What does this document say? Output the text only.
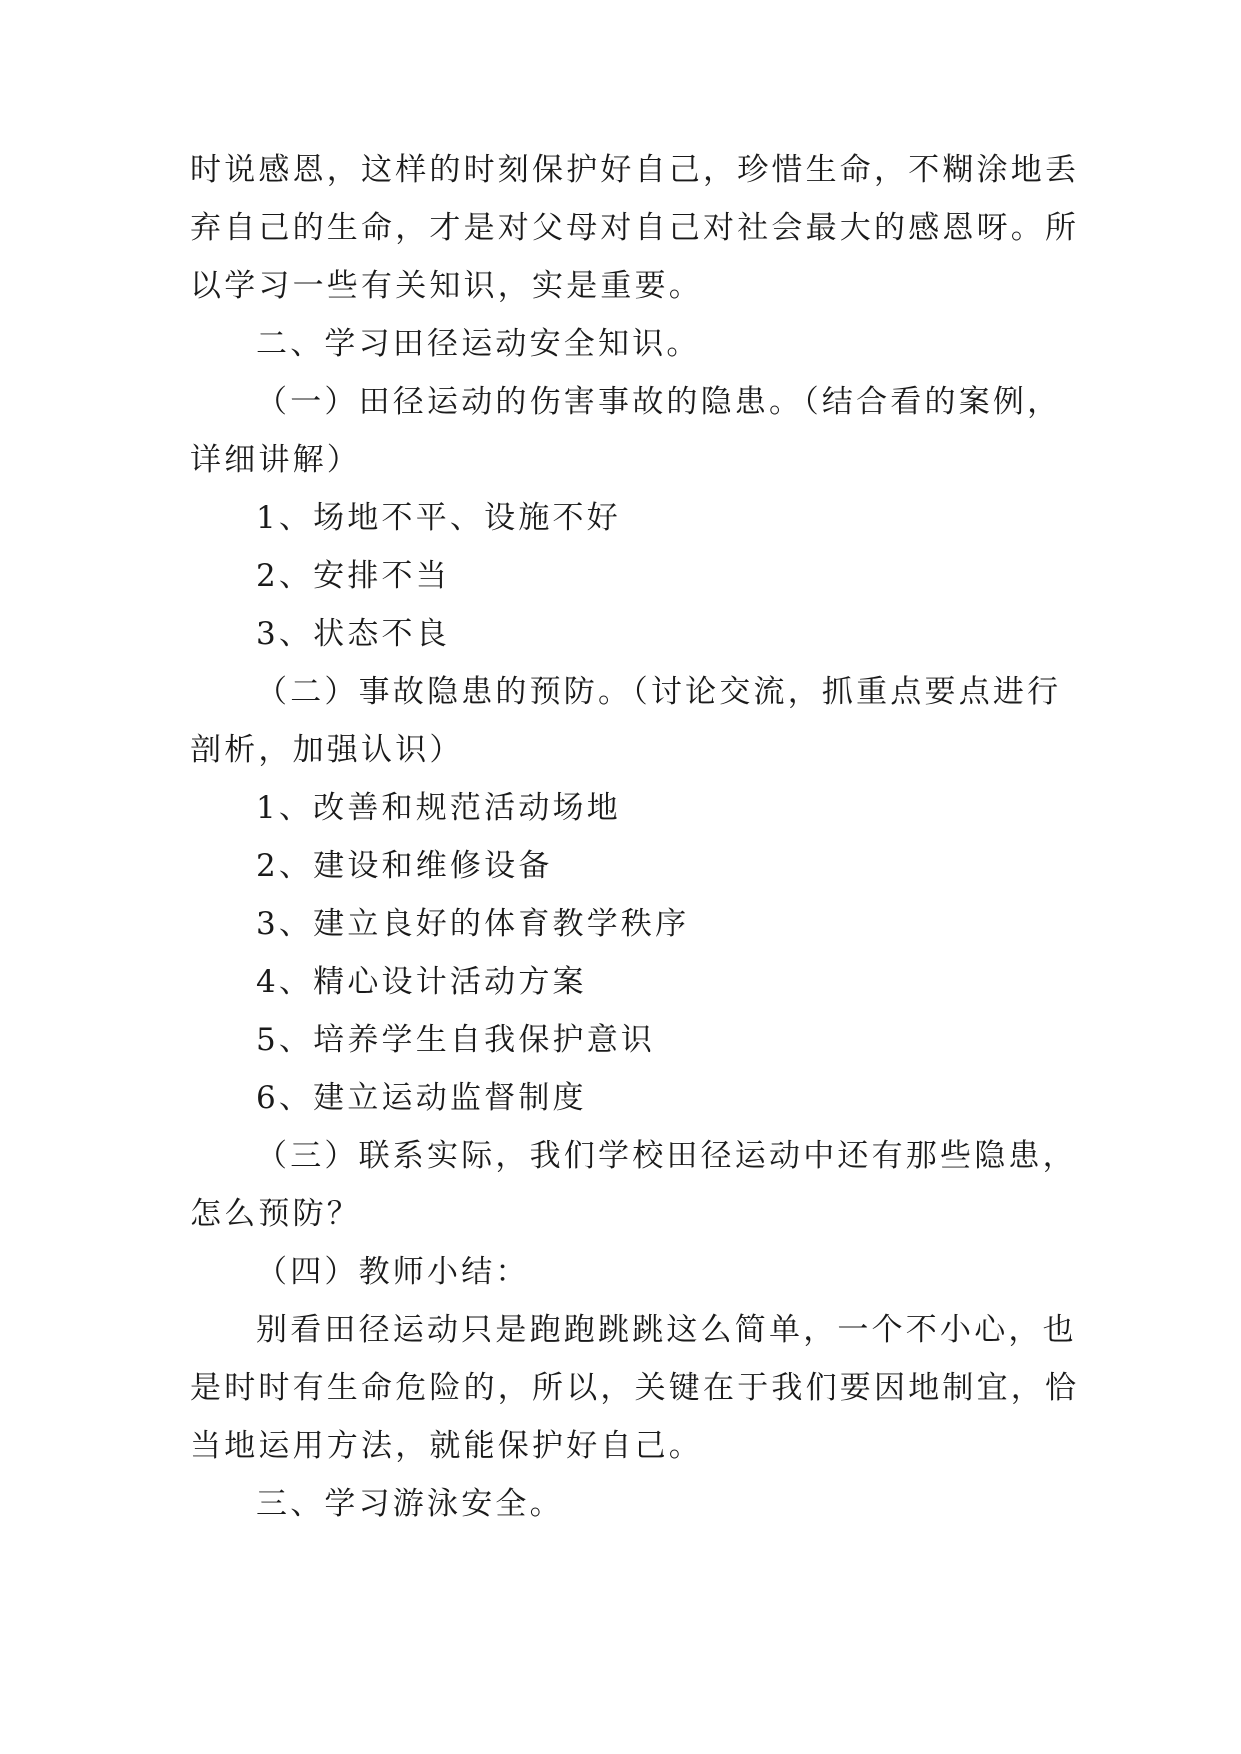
时说感恩，这样的时刻保护好自己，珍惜生命，不糊涂地丢

弃自己的生命，才是对父母对自己对社会最大的感恩呀。所

以学习一些有关知识，实是重要。

二、学习田径运动安全知识。

（一）田径运动的伤害事故的隐患。（结合看的案例，

详细讲解）

1、场地不平、设施不好

2、安排不当

3、状态不良

（二）事故隐患的预防。（讨论交流，抓重点要点进行

剖析，加强认识）

1、改善和规范活动场地

2、建设和维修设备

3、建立良好的体育教学秩序

4、精心设计活动方案

5、培养学生自我保护意识

6、建立运动监督制度

（三）联系实际，我们学校田径运动中还有那些隐患，

怎么预防？

（四）教师小结：

别看田径运动只是跑跑跳跳这么简单，一个不小心，也

是时时有生命危险的，所以，关键在于我们要因地制宜，恰

当地运用方法，就能保护好自己。

三、学习游泳安全。
